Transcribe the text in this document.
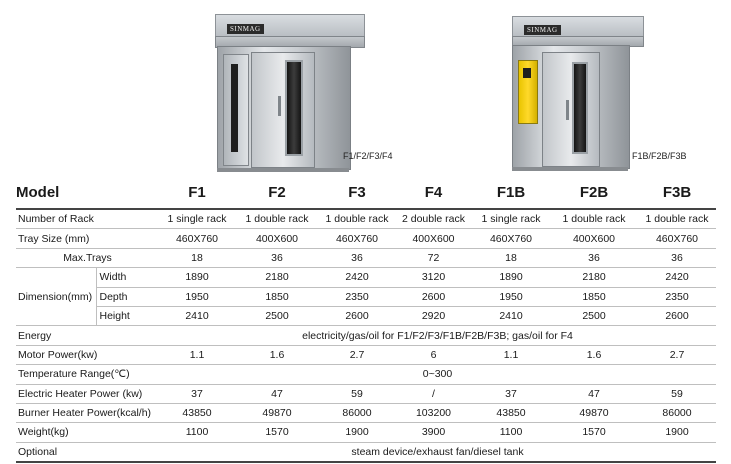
SINMAG
F1/F2/F3/F4
SINMAG
F1B/F2B/F3B
Model		F1	F2	F3	F4	F1B	F2B	F3B
Number of Rack		1 single rack	1 double rack	1 double rack	2 double rack	1 single rack	1 double rack	1 double rack
Tray Size (mm)		460X760	400X600	460X760	400X600	460X760	400X600	460X760
Max.Trays		18	36	36	72	18	36	36
Dimension(mm)	Width	1890	2180	2420	3120	1890	2180	2420
	Depth	1950	1850	2350	2600	1950	1850	2350
	Height	2410	2500	2600	2920	2410	2500	2600
Energy		electricity/gas/oil for F1/F2/F3/F1B/F2B/F3B; gas/oil for F4						
Motor Power(kw)		1.1	1.6	2.7	6	1.1	1.6	2.7
Temperature Range(℃)		0~300						
Electric Heater Power (kw)		37	47	59	/	37	47	59
Burner Heater Power(kcal/h)		43850	49870	86000	103200	43850	49870	86000
Weight(kg)		1100	1570	1900	3900	1100	1570	1900
Optional		steam device/exhaust fan/diesel tank						
